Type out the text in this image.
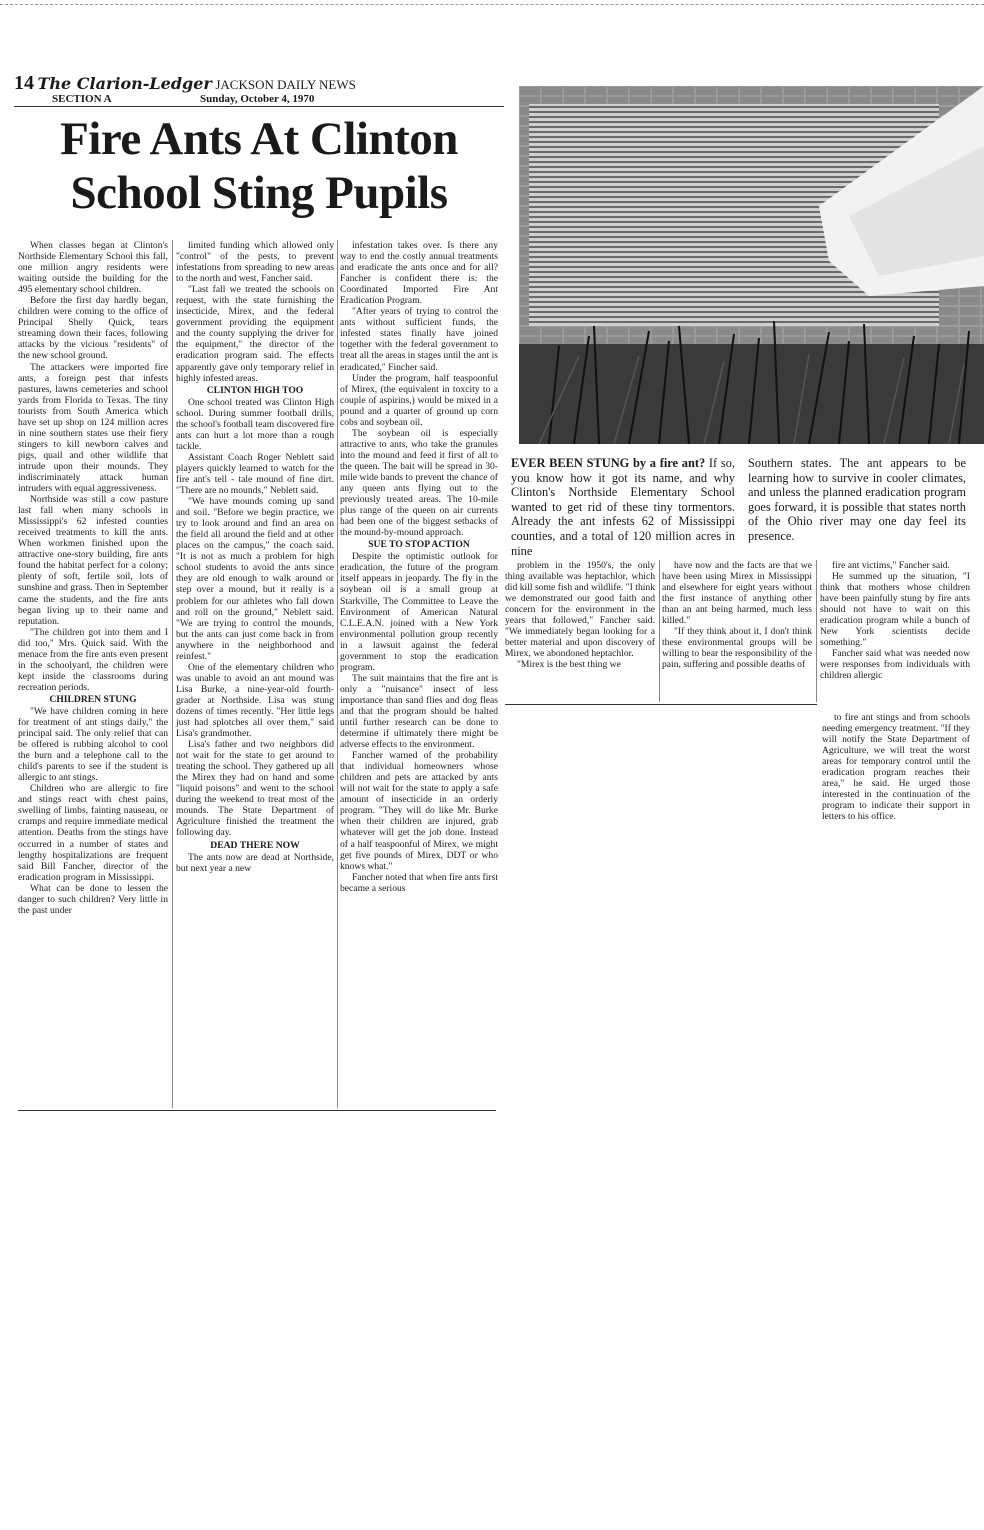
14 The Clarion-Ledger JACKSON DAILY NEWS
SECTION A	Sunday, October 4, 1970
Fire Ants At Clinton
School Sting Pupils

When classes began at Clinton's Northside Elementary School this fall, one million angry residents were waiting outside the building for the 495 elementary school children.

Before the first day hardly began, children were coming to the office of Principal Shelly Quick, tears streaming down their faces, following attacks by the vicious "residents" of the new school ground.

The attackers were imported fire ants, a foreign pest that infests pastures, lawns cemeteries and school yards from Florida to Texas. The tiny tourists from South America which have set up shop on 124 million acres in nine southern states use their fiery stingers to kill newborn calves and pigs, quail and other wildlife that intrude upon their mounds. They indiscriminately attack human intruders with equal aggressiveness.

Northside was still a cow pasture last fall when many schools in Mississippi's 62 infested counties received treatments to kill the ants. When workmen finished upon the attractive one-story building, fire ants found the habitat perfect for a colony; plenty of soft, fertile soil, lots of sunshine and grass. Then in September came the students, and the fire ants began living up to their name and reputation.

"The children got into them and I did too," Mrs. Quick said. With the menace from the fire ants even present in the schoolyard, the children were kept inside the classrooms during recreation periods.

CHILDREN STUNG

"We have children coming in here for treatment of ant stings daily," the principal said. The only relief that can be offered is rubbing alcohol to cool the burn and a telephone call to the child's parents to see if the student is allergic to ant stings.

Children who are allergic to fire and stings react with chest pains, swelling of limbs, fainting nauseau, or cramps and require immediate medical attention. Deaths from the stings have occurred in a number of states and lengthy hospitalizations are frequent said Bill Fancher, director of the eradication program in Mississippi.

What can be done to lessen the danger to such children? Very little in the past under

limited funding which allowed only "control" of the pests, to prevent infestations from spreading to new areas to the north and west, Fancher said.

"Last fall we treated the schools on request, with the state furnishing the insecticide, Mirex, and the federal government providing the equipment and the county supplying the driver for the equipment," the director of the eradication program said. The effects apparently gave only temporary relief in highly infested areas.

CLINTON HIGH TOO

One school treated was Clinton High school. During summer football drills, the school's football team discovered fire ants can hurt a lot more than a rough tackle.

Assistant Coach Roger Neblett said players quickly learned to watch for the fire ant's tell - tale mound of fine dirt. "There are no mounds," Neblett said.

"We have mounds coming up sand and soil. "Before we begin practice, we try to look around and find an area on the field all around the field and at other places on the campus," the coach said. "It is not as much a problem for high school students to avoid the ants since they are old enough to walk around or step over a mound, but it really is a problem for our athletes who fall down and roll on the ground," Neblett said. "We are trying to control the mounds, but the ants can just come back in from anywhere in the neighborhood and reinfest."

One of the elementary children who was unable to avoid an ant mound was Lisa Burke, a nine-year-old fourth-grader at Northside. Lisa was stung dozens of times recently. "Her little legs just had splotches all over them," said Lisa's grandmother.

Lisa's father and two neighbors did not wait for the state to get around to treating the school. They gathered up all the Mirex they had on hand and some "liquid poisons" and went to the school during the weekend to treat most of the mounds. The State Department of Agriculture finished the treatment the following day.

DEAD THERE NOW

The ants now are dead at Northside, but next year a new

infestation takes over. Is there any way to end the costly annual treatments and eradicate the ants once and for all? Fancher is confident there is: the Coordinated Imported Fire Ant Eradication Program.

"After years of trying to control the ants without sufficient funds, the infested states finally have joined together with the federal government to treat all the areas in stages until the ant is eradicated," Fincher said.

Under the program, half teaspoonful of Mirex, (the equivalent in toxcity to a couple of aspirins,) would be mixed in a pound and a quarter of ground up corn cobs and soybean oil.

The soybean oil is especially attractive to ants, who take the granules into the mound and feed it first of all to the queen. The bait will be spread in 30-mile wide bands to prevent the chance of any queen ants flying out to the previously treated areas. The 10-mile plus range of the queen on air currents had been one of the biggest setbacks of the mound-by-mound approach.

SUE TO STOP ACTION

Despite the optimistic outlook for eradication, the future of the program itself appears in jeopardy. The fly in the soybean oil is a small group at Starkville, The Committee to Leave the Environment of American Natural C.L.E.A.N. joined with a New York environmental pollution group recently in a lawsuit against the federal government to stop the eradication program.

The suit maintains that the fire ant is only a "nuisance" insect of less importance than sand flies and dog fleas and that the program should be halted until further research can be done to determine if ultimately there might be adverse effects to the environment.

Fancher warned of the probability that individual homeowners whose children and pets are attacked by ants will not wait for the state to apply a safe amount of insecticide in an orderly program. "They will do like Mr. Burke when their children are injured, grab whatever will get the job done. Instead of a half teaspoonful of Mirex, we might get five pounds of Mirex, DDT or who knows what."

Fancher noted that when fire ants first became a serious

EVER BEEN STUNG by a fire ant? If so, you know how it got its name, and why Clinton's Northside Elementary School wanted to get rid of these tiny tormentors. Already the ant infests 62 of Mississippi counties, and a total of 120 million acres in nine
Southern states. The ant appears to be learning how to survive in cooler climates, and unless the planned eradication program goes forward, it is possible that states north of the Ohio river may one day feel its presence.

problem in the 1950's, the only thing available was heptachlor, which did kill some fish and wildlife. "I think we demonstrated our good faith and concern for the environment in the years that followed," Fancher said. "We immediately began looking for a better material and upon discovery of Mirex, we abondoned heptachlor.

"Mirex is the best thing we

have now and the facts are that we have been using Mirex in Mississippi and elsewhere for eight years without the first instance of anything other than an ant being harmed, much less killed."

"If they think about it, I don't think these environmental groups will be willing to bear the responsibility of the pain, suffering and possible deaths of

fire ant victims," Fancher said.

He summed up the situation, "I think that mothers whose children have been painfully stung by fire ants should not have to wait on this eradication program while a bunch of New York scientists decide something."

Fancher said what was needed now were responses from individuals with children allergic

to fire ant stings and from schools needing emergency treatment. "If they will notify the State Department of Agriculture, we will treat the worst areas for temporary control until the eradication program reaches their area," he said. He urged those interested in the continuation of the program to indicate their support in letters to his office.
